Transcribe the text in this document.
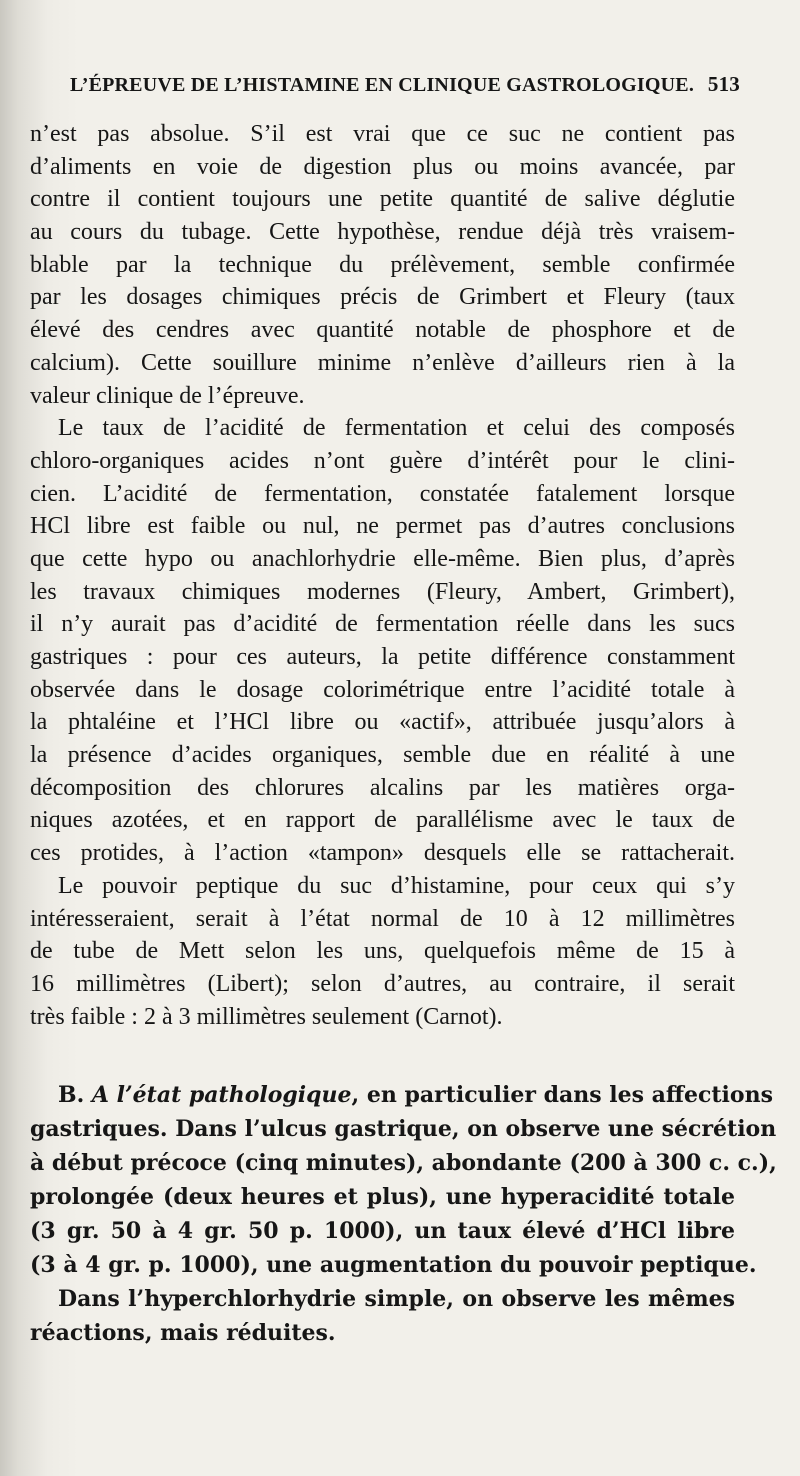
L’ÉPREUVE DE L’HISTAMINE EN CLINIQUE GASTROLOGIQUE. 513
n’est pas absolue. S’il est vrai que ce suc ne contient pas
d’aliments en voie de digestion plus ou moins avancée, par
contre il contient toujours une petite quantité de salive déglutie
au cours du tubage. Cette hypothèse, rendue déjà très vraisem-
blable par la technique du prélèvement, semble confirmée
par les dosages chimiques précis de Grimbert et Fleury (taux
élevé des cendres avec quantité notable de phosphore et de
calcium). Cette souillure minime n’enlève d’ailleurs rien à la
valeur clinique de l’épreuve.
Le taux de l’acidité de fermentation et celui des composés
chloro-organiques acides n’ont guère d’intérêt pour le clini-
cien. L’acidité de fermentation, constatée fatalement lorsque
HCl libre est faible ou nul, ne permet pas d’autres conclusions
que cette hypo ou anachlorhydrie elle-même. Bien plus, d’après
les travaux chimiques modernes (Fleury, Ambert, Grimbert),
il n’y aurait pas d’acidité de fermentation réelle dans les sucs
gastriques : pour ces auteurs, la petite différence constamment
observée dans le dosage colorimétrique entre l’acidité totale à
la phtaléine et l’HCl libre ou «actif», attribuée jusqu’alors à
la présence d’acides organiques, semble due en réalité à une
décomposition des chlorures alcalins par les matières orga-
niques azotées, et en rapport de parallélisme avec le taux de
ces protides, à l’action «tampon» desquels elle se rattacherait.
Le pouvoir peptique du suc d’histamine, pour ceux qui s’y
intéresseraient, serait à l’état normal de 10 à 12 millimètres
de tube de Mett selon les uns, quelquefois même de 15 à
16 millimètres (Libert); selon d’autres, au contraire, il serait
très faible : 2 à 3 millimètres seulement (Carnot).
B. A l’état pathologique, en particulier dans les affections
gastriques. Dans l’ulcus gastrique, on observe une sécrétion
à début précoce (cinq minutes), abondante (200 à 300 c. c.),
prolongée (deux heures et plus), une hyperacidité totale
(3 gr. 50 à 4 gr. 50 p. 1000), un taux élevé d’HCl libre
(3 à 4 gr. p. 1000), une augmentation du pouvoir peptique.
Dans l’hyperchlorhydrie simple, on observe les mêmes
réactions, mais réduites.
